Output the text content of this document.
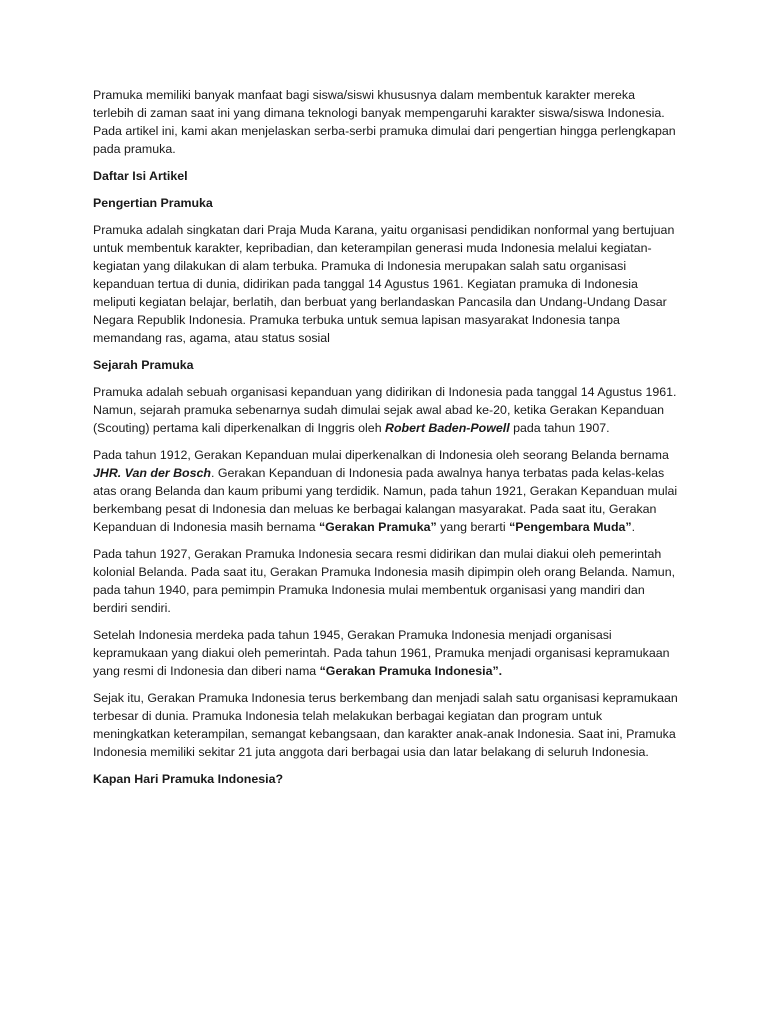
Pramuka memiliki banyak manfaat bagi siswa/siswi khususnya dalam membentuk karakter mereka terlebih di zaman saat ini yang dimana teknologi banyak mempengaruhi karakter siswa/siswa Indonesia. Pada artikel ini, kami akan menjelaskan serba-serbi pramuka dimulai dari pengertian hingga perlengkapan pada pramuka.

Daftar Isi Artikel

Pengertian Pramuka

Pramuka adalah singkatan dari Praja Muda Karana, yaitu organisasi pendidikan nonformal yang bertujuan untuk membentuk karakter, kepribadian, dan keterampilan generasi muda Indonesia melalui kegiatan-kegiatan yang dilakukan di alam terbuka. Pramuka di Indonesia merupakan salah satu organisasi kepanduan tertua di dunia, didirikan pada tanggal 14 Agustus 1961. Kegiatan pramuka di Indonesia meliputi kegiatan belajar, berlatih, dan berbuat yang berlandaskan Pancasila dan Undang-Undang Dasar Negara Republik Indonesia. Pramuka terbuka untuk semua lapisan masyarakat Indonesia tanpa memandang ras, agama, atau status sosial

Sejarah Pramuka

Pramuka adalah sebuah organisasi kepanduan yang didirikan di Indonesia pada tanggal 14 Agustus 1961. Namun, sejarah pramuka sebenarnya sudah dimulai sejak awal abad ke-20, ketika Gerakan Kepanduan (Scouting) pertama kali diperkenalkan di Inggris oleh Robert Baden-Powell pada tahun 1907.

Pada tahun 1912, Gerakan Kepanduan mulai diperkenalkan di Indonesia oleh seorang Belanda bernama JHR. Van der Bosch. Gerakan Kepanduan di Indonesia pada awalnya hanya terbatas pada kelas-kelas atas orang Belanda dan kaum pribumi yang terdidik. Namun, pada tahun 1921, Gerakan Kepanduan mulai berkembang pesat di Indonesia dan meluas ke berbagai kalangan masyarakat. Pada saat itu, Gerakan Kepanduan di Indonesia masih bernama “Gerakan Pramuka” yang berarti “Pengembara Muda”.

Pada tahun 1927, Gerakan Pramuka Indonesia secara resmi didirikan dan mulai diakui oleh pemerintah kolonial Belanda. Pada saat itu, Gerakan Pramuka Indonesia masih dipimpin oleh orang Belanda. Namun, pada tahun 1940, para pemimpin Pramuka Indonesia mulai membentuk organisasi yang mandiri dan berdiri sendiri.

Setelah Indonesia merdeka pada tahun 1945, Gerakan Pramuka Indonesia menjadi organisasi kepramukaan yang diakui oleh pemerintah. Pada tahun 1961, Pramuka menjadi organisasi kepramukaan yang resmi di Indonesia dan diberi nama “Gerakan Pramuka Indonesia”.

Sejak itu, Gerakan Pramuka Indonesia terus berkembang dan menjadi salah satu organisasi kepramukaan terbesar di dunia. Pramuka Indonesia telah melakukan berbagai kegiatan dan program untuk meningkatkan keterampilan, semangat kebangsaan, dan karakter anak-anak Indonesia. Saat ini, Pramuka Indonesia memiliki sekitar 21 juta anggota dari berbagai usia dan latar belakang di seluruh Indonesia.

Kapan Hari Pramuka Indonesia?
